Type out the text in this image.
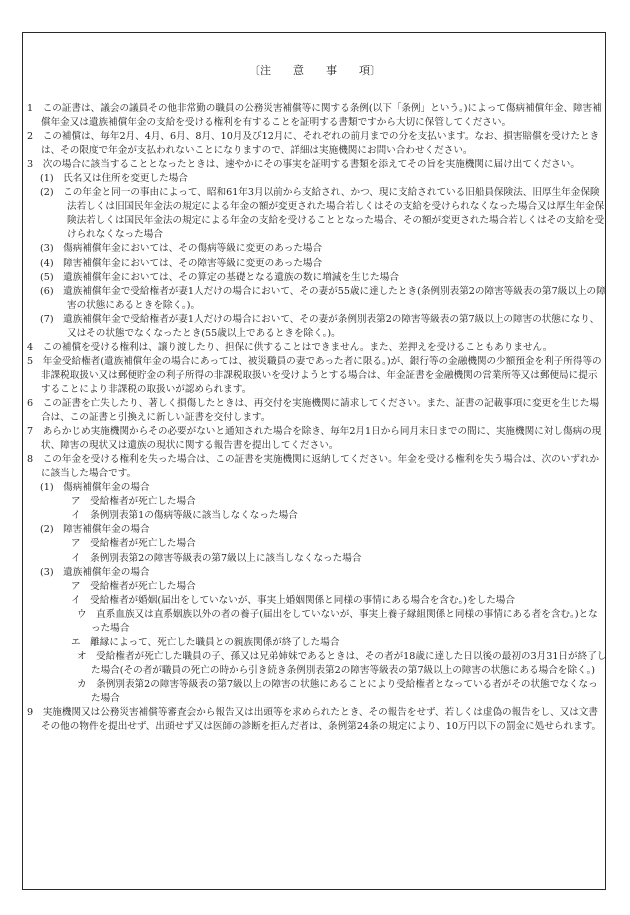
〔注　　意　　事　　項〕

1　この証書は、議会の議員その他非常勤の職員の公務災害補償等に関する条例(以下「条例」という。)によって傷病補償年金、障害補償年金又は遺族補償年金の支給を受ける権利を有することを証明する書類ですから大切に保管してください。

2　この補償は、毎年2月、4月、6月、8月、10月及び12月に、それぞれの前月までの分を支払います。なお、損害賠償を受けたときは、その限度で年金が支払われないことになりますので、詳細は実施機関にお問い合わせください。

3　次の場合に該当することとなったときは、速やかにその事実を証明する書類を添えてその旨を実施機関に届け出てください。

(1)　氏名又は住所を変更した場合

(2)　この年金と同一の事由によって、昭和61年3月以前から支給され、かつ、現に支給されている旧船員保険法、旧厚生年金保険法若しくは旧国民年金法の規定による年金の額が変更された場合若しくはその支給を受けられなくなった場合又は厚生年金保険法若しくは国民年金法の規定による年金の支給を受けることとなった場合、その額が変更された場合若しくはその支給を受けられなくなった場合

(3)　傷病補償年金においては、その傷病等級に変更のあった場合

(4)　障害補償年金においては、その障害等級に変更のあった場合

(5)　遺族補償年金においては、その算定の基礎となる遺族の数に増減を生じた場合

(6)　遺族補償年金で受給権者が妻1人だけの場合において、その妻が55歳に達したとき(条例別表第2の障害等級表の第7級以上の障害の状態にあるときを除く。)。

(7)　遺族補償年金で受給権者が妻1人だけの場合において、その妻が条例別表第2の障害等級表の第7級以上の障害の状態になり、又はその状態でなくなったとき(55歳以上であるときを除く。)。

4　この補償を受ける権利は、譲り渡したり、担保に供することはできません。また、差押えを受けることもありません。

5　年金受給権者(遺族補償年金の場合にあっては、被災職員の妻であった者に限る。)が、銀行等の金融機関の少額預金を利子所得等の非課税取扱い又は郵便貯金の利子所得の非課税取扱いを受けようとする場合は、年金証書を金融機関の営業所等又は郵便局に提示することにより非課税の取扱いが認められます。

6　この証書を亡失したり、著しく損傷したときは、再交付を実施機関に請求してください。また、証書の記載事項に変更を生じた場合は、この証書と引換えに新しい証書を交付します。

7　あらかじめ実施機関からその必要がないと通知された場合を除き、毎年2月1日から同月末日までの間に、実施機関に対し傷病の現状、障害の現状又は遺族の現状に関する報告書を提出してください。

8　この年金を受ける権利を失った場合は、この証書を実施機関に返納してください。年金を受ける権利を失う場合は、次のいずれかに該当した場合です。

(1)　傷病補償年金の場合

ア　受給権者が死亡した場合

イ　条例別表第1の傷病等級に該当しなくなった場合

(2)　障害補償年金の場合

ア　受給権者が死亡した場合

イ　条例別表第2の障害等級表の第7級以上に該当しなくなった場合

(3)　遺族補償年金の場合

ア　受給権者が死亡した場合

イ　受給権者が婚姻(届出をしていないが、事実上婚姻関係と同様の事情にある場合を含む。)をした場合

ウ　直系血族又は直系姻族以外の者の養子(届出をしていないが、事実上養子縁組関係と同様の事情にある者を含む。)となった場合

エ　離縁によって、死亡した職員との親族関係が終了した場合

オ　受給権者が死亡した職員の子、孫又は兄弟姉妹であるときは、その者が18歳に達した日以後の最初の3月31日が終了した場合(その者が職員の死亡の時から引き続き条例別表第2の障害等級表の第7級以上の障害の状態にある場合を除く。)

カ　条例別表第2の障害等級表の第7級以上の障害の状態にあることにより受給権者となっている者がその状態でなくなった場合

9　実施機関又は公務災害補償等審査会から報告又は出頭等を求められたとき、その報告をせず、若しくは虚偽の報告をし、又は文書その他の物件を提出せず、出頭せず又は医師の診断を拒んだ者は、条例第24条の規定により、10万円以下の罰金に処せられます。
